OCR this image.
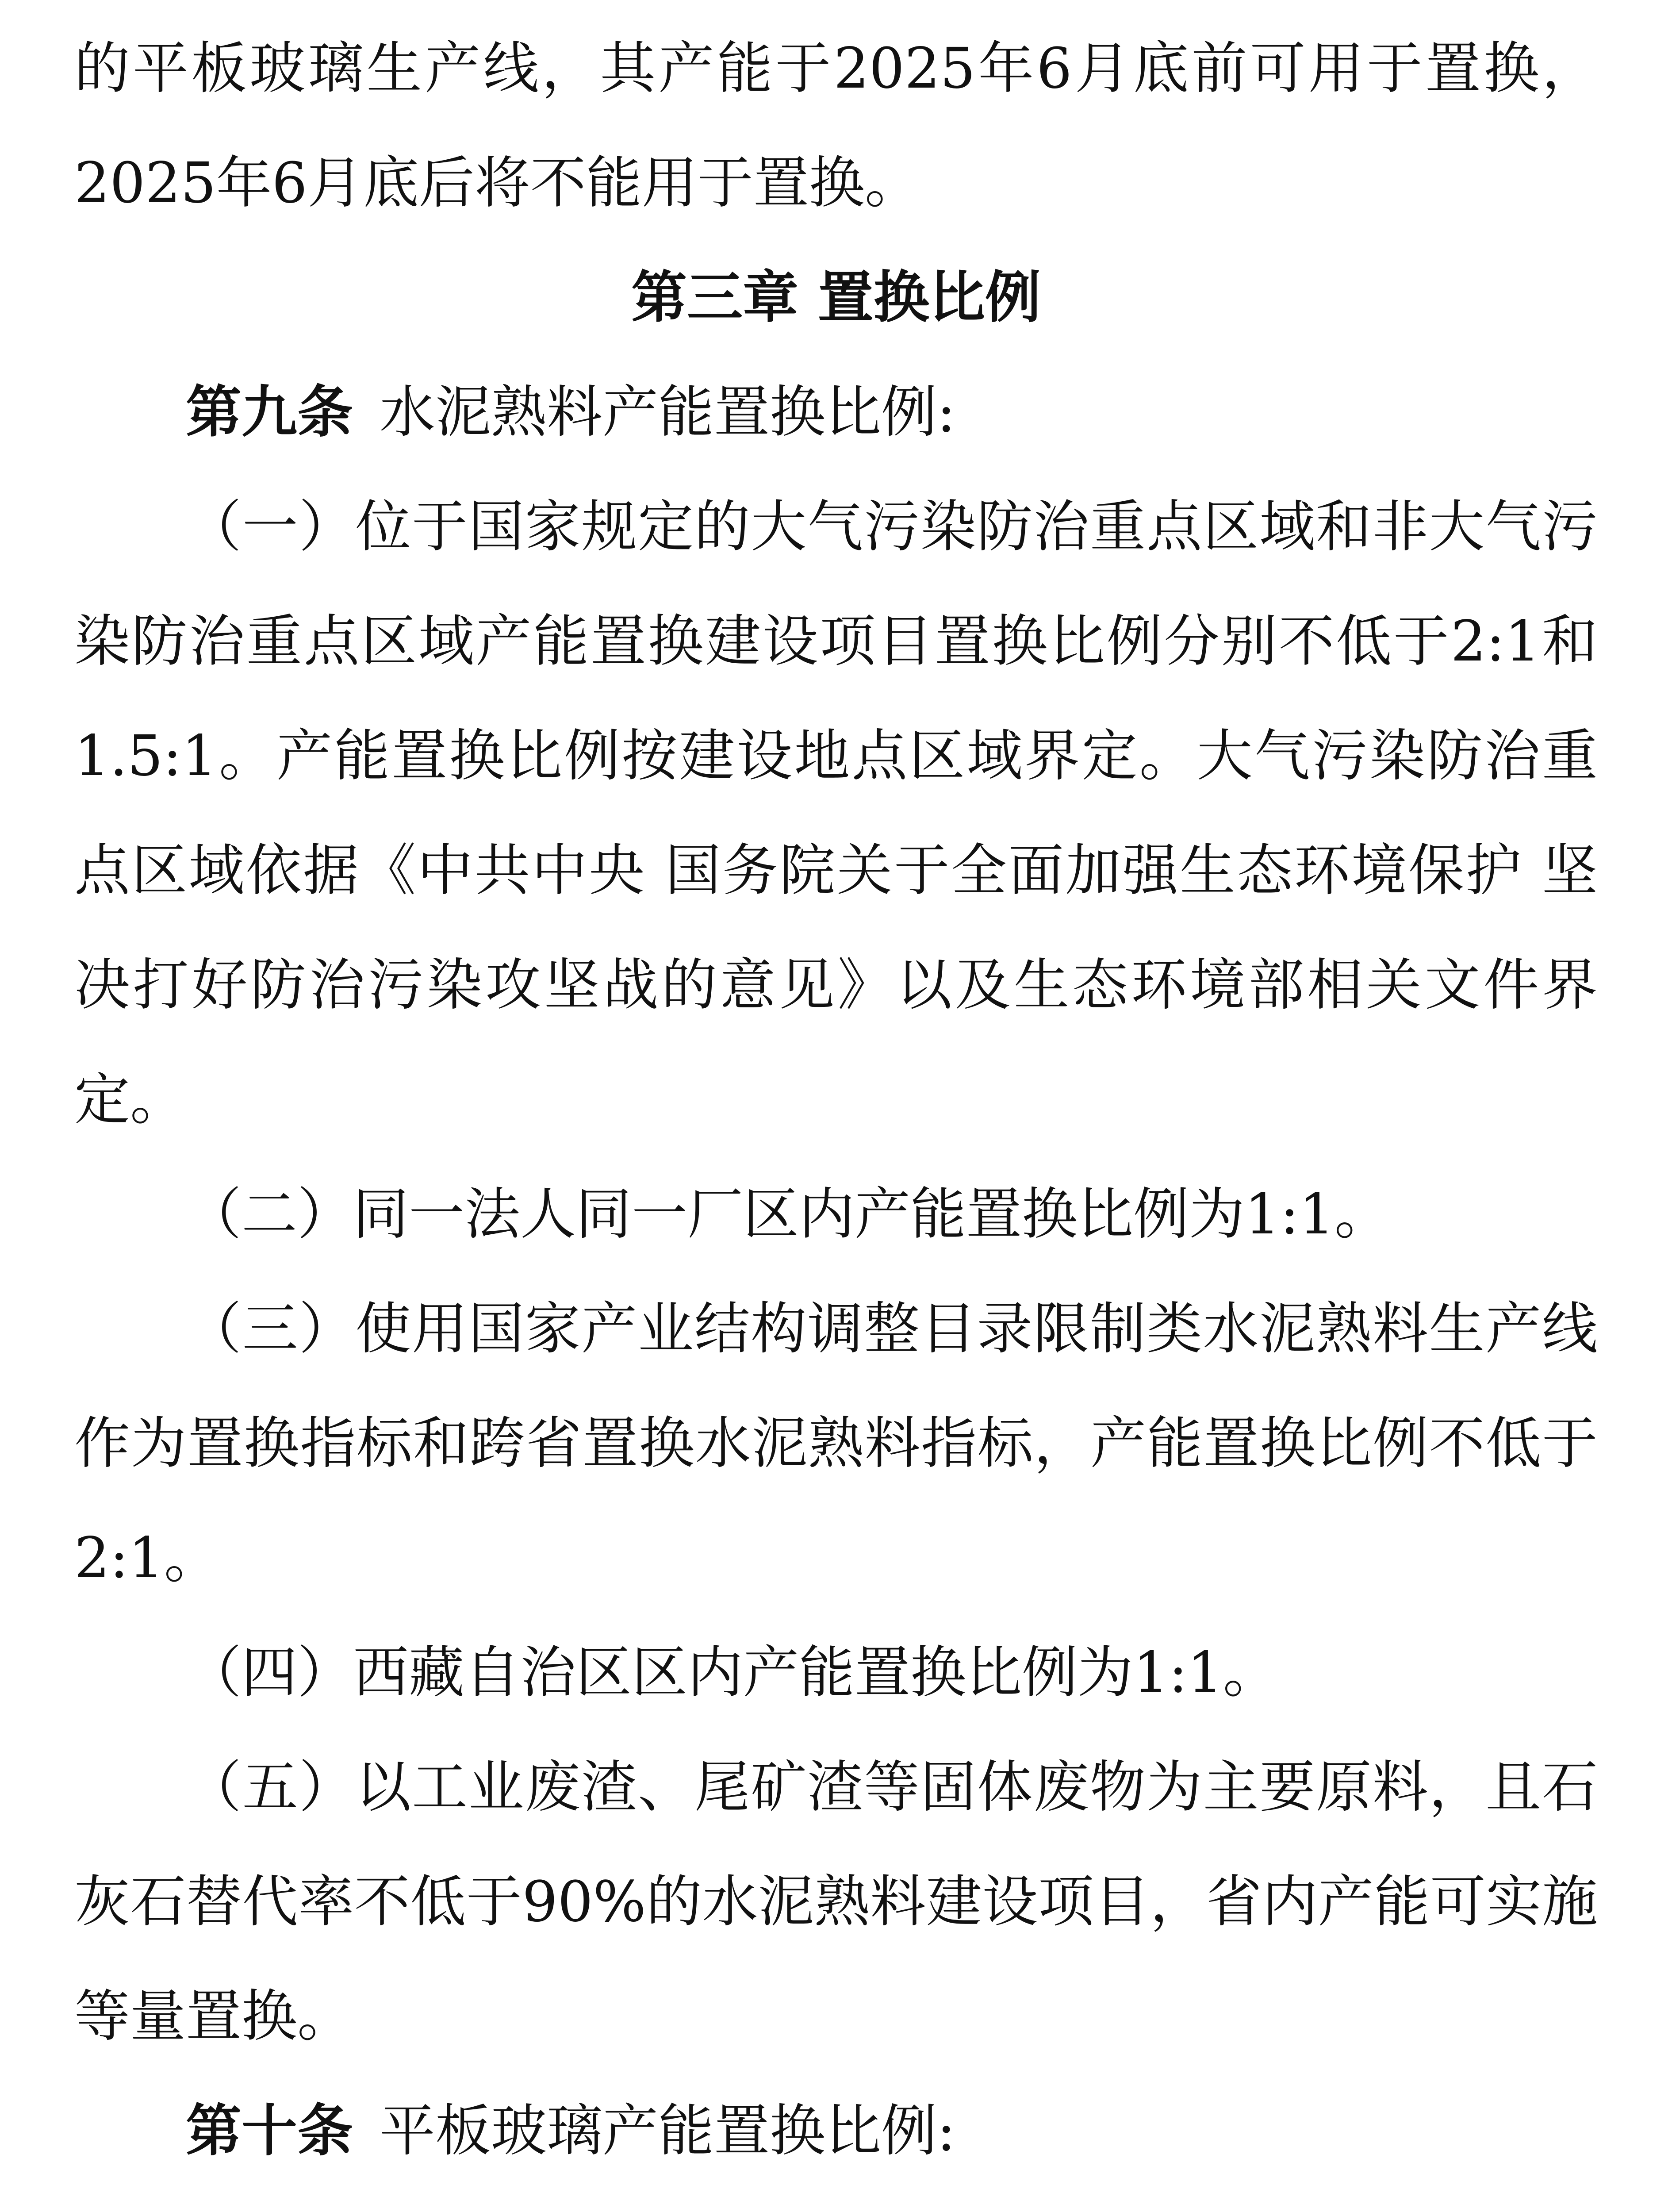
的平板玻璃生产线，其产能于2025年6月底前可用于置换，2025年6月底后将不能用于置换。

第三章 置换比例

第九条 水泥熟料产能置换比例:

（一）位于国家规定的大气污染防治重点区域和非大气污染防治重点区域产能置换建设项目置换比例分别不低于2:1和1.5:1。产能置换比例按建设地点区域界定。大气污染防治重点区域依据《中共中央 国务院关于全面加强生态环境保护 坚决打好防治污染攻坚战的意见》以及生态环境部相关文件界定。

（二）同一法人同一厂区内产能置换比例为1:1。

（三）使用国家产业结构调整目录限制类水泥熟料生产线作为置换指标和跨省置换水泥熟料指标，产能置换比例不低于2:1。

（四）西藏自治区区内产能置换比例为1:1。

（五）以工业废渣、尾矿渣等固体废物为主要原料，且石灰石替代率不低于90%的水泥熟料建设项目，省内产能可实施等量置换。

第十条 平板玻璃产能置换比例:
